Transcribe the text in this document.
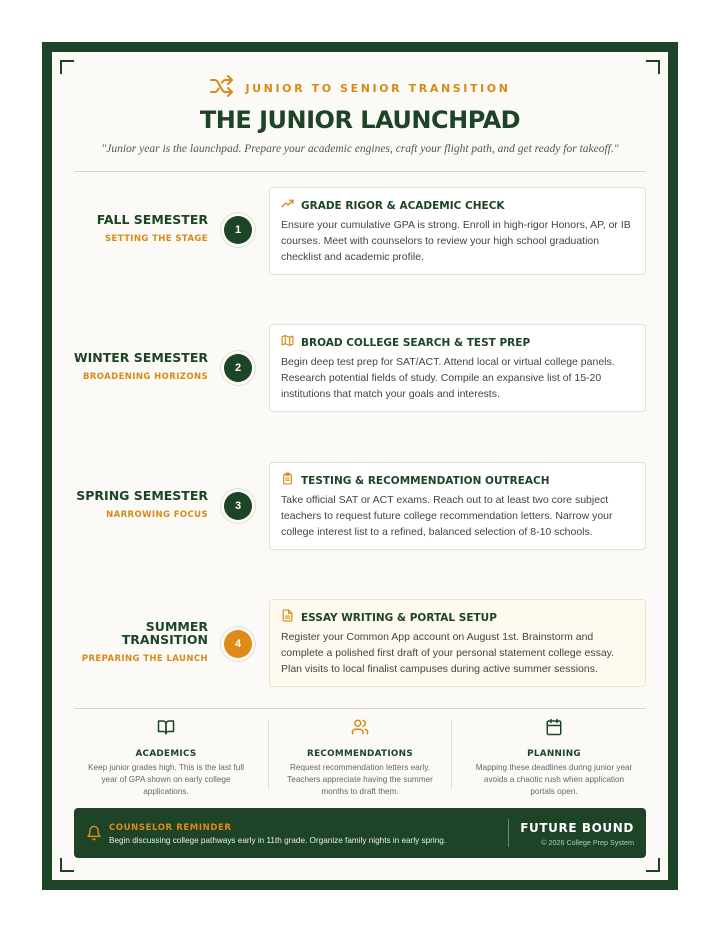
JUNIOR TO SENIOR TRANSITION
THE JUNIOR LAUNCHPAD
"Junior year is the launchpad. Prepare your academic engines, craft your flight path, and get ready for takeoff."
FALL SEMESTER
SETTING THE STAGE
1
GRADE RIGOR & ACADEMIC CHECK
Ensure your cumulative GPA is strong. Enroll in high-rigor Honors, AP, or IB courses. Meet with counselors to review your high school graduation checklist and academic profile.
WINTER SEMESTER
BROADENING HORIZONS
2
BROAD COLLEGE SEARCH & TEST PREP
Begin deep test prep for SAT/ACT. Attend local or virtual college panels. Research potential fields of study. Compile an expansive list of 15-20 institutions that match your goals and interests.
SPRING SEMESTER
NARROWING FOCUS
3
TESTING & RECOMMENDATION OUTREACH
Take official SAT or ACT exams. Reach out to at least two core subject teachers to request future college recommendation letters. Narrow your college interest list to a refined, balanced selection of 8-10 schools.
SUMMER
TRANSITION
PREPARING THE LAUNCH
4
ESSAY WRITING & PORTAL SETUP
Register your Common App account on August 1st. Brainstorm and complete a polished first draft of your personal statement college essay. Plan visits to local finalist campuses during active summer sessions.
ACADEMICS
Keep junior grades high. This is the last full year of GPA shown on early college applications.
RECOMMENDATIONS
Request recommendation letters early. Teachers appreciate having the summer months to draft them.
PLANNING
Mapping these deadlines during junior year avoids a chaotic rush when application portals open.
COUNSELOR REMINDER
Begin discussing college pathways early in 11th grade. Organize family nights in early spring.
FUTURE BOUND
© 2026 College Prep System
